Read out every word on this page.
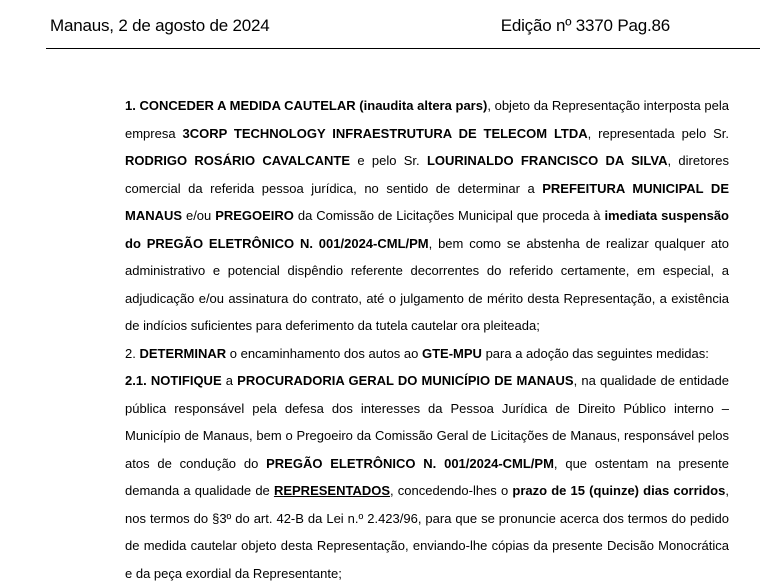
Manaus, 2 de agosto de 2024	Edição nº 3370 Pag.86

1. CONCEDER A MEDIDA CAUTELAR (inaudita altera pars), objeto da Representação interposta pela empresa 3CORP TECHNOLOGY INFRAESTRUTURA DE TELECOM LTDA, representada pelo Sr. RODRIGO ROSÁRIO CAVALCANTE e pelo Sr. LOURINALDO FRANCISCO DA SILVA, diretores comercial da referida pessoa jurídica, no sentido de determinar a PREFEITURA MUNICIPAL DE MANAUS e/ou PREGOEIRO da Comissão de Licitações Municipal que proceda à imediata suspensão do PREGÃO ELETRÔNICO N. 001/2024-CML/PM, bem como se abstenha de realizar qualquer ato administrativo e potencial dispêndio referente decorrentes do referido certamente, em especial, a adjudicação e/ou assinatura do contrato, até o julgamento de mérito desta Representação, a existência de indícios suficientes para deferimento da tutela cautelar ora pleiteada;

2. DETERMINAR o encaminhamento dos autos ao GTE-MPU para a adoção das seguintes medidas:

2.1. NOTIFIQUE a PROCURADORIA GERAL DO MUNICÍPIO DE MANAUS, na qualidade de entidade pública responsável pela defesa dos interesses da Pessoa Jurídica de Direito Público interno – Município de Manaus, bem o Pregoeiro da Comissão Geral de Licitações de Manaus, responsável pelos atos de condução do PREGÃO ELETRÔNICO N. 001/2024-CML/PM, que ostentam na presente demanda a qualidade de REPRESENTADOS, concedendo-lhes o prazo de 15 (quinze) dias corridos, nos termos do §3º do art. 42-B da Lei n.º 2.423/96, para que se pronuncie acerca dos termos do pedido de medida cautelar objeto desta Representação, enviando-lhe cópias da presente Decisão Monocrática e da peça exordial da Representante;
